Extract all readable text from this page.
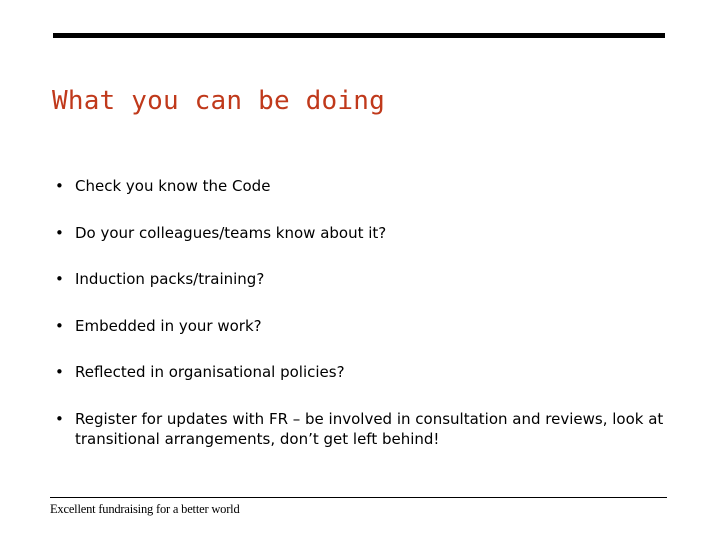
What you can be doing
• Check you know the Code
• Do your colleagues/teams know about it?
• Induction packs/training?
• Embedded in your work?
• Reflected in organisational policies?
• Register for updates with FR – be involved in consultation and reviews, look at transitional arrangements, don’t get left behind!
Excellent fundraising for a better world
